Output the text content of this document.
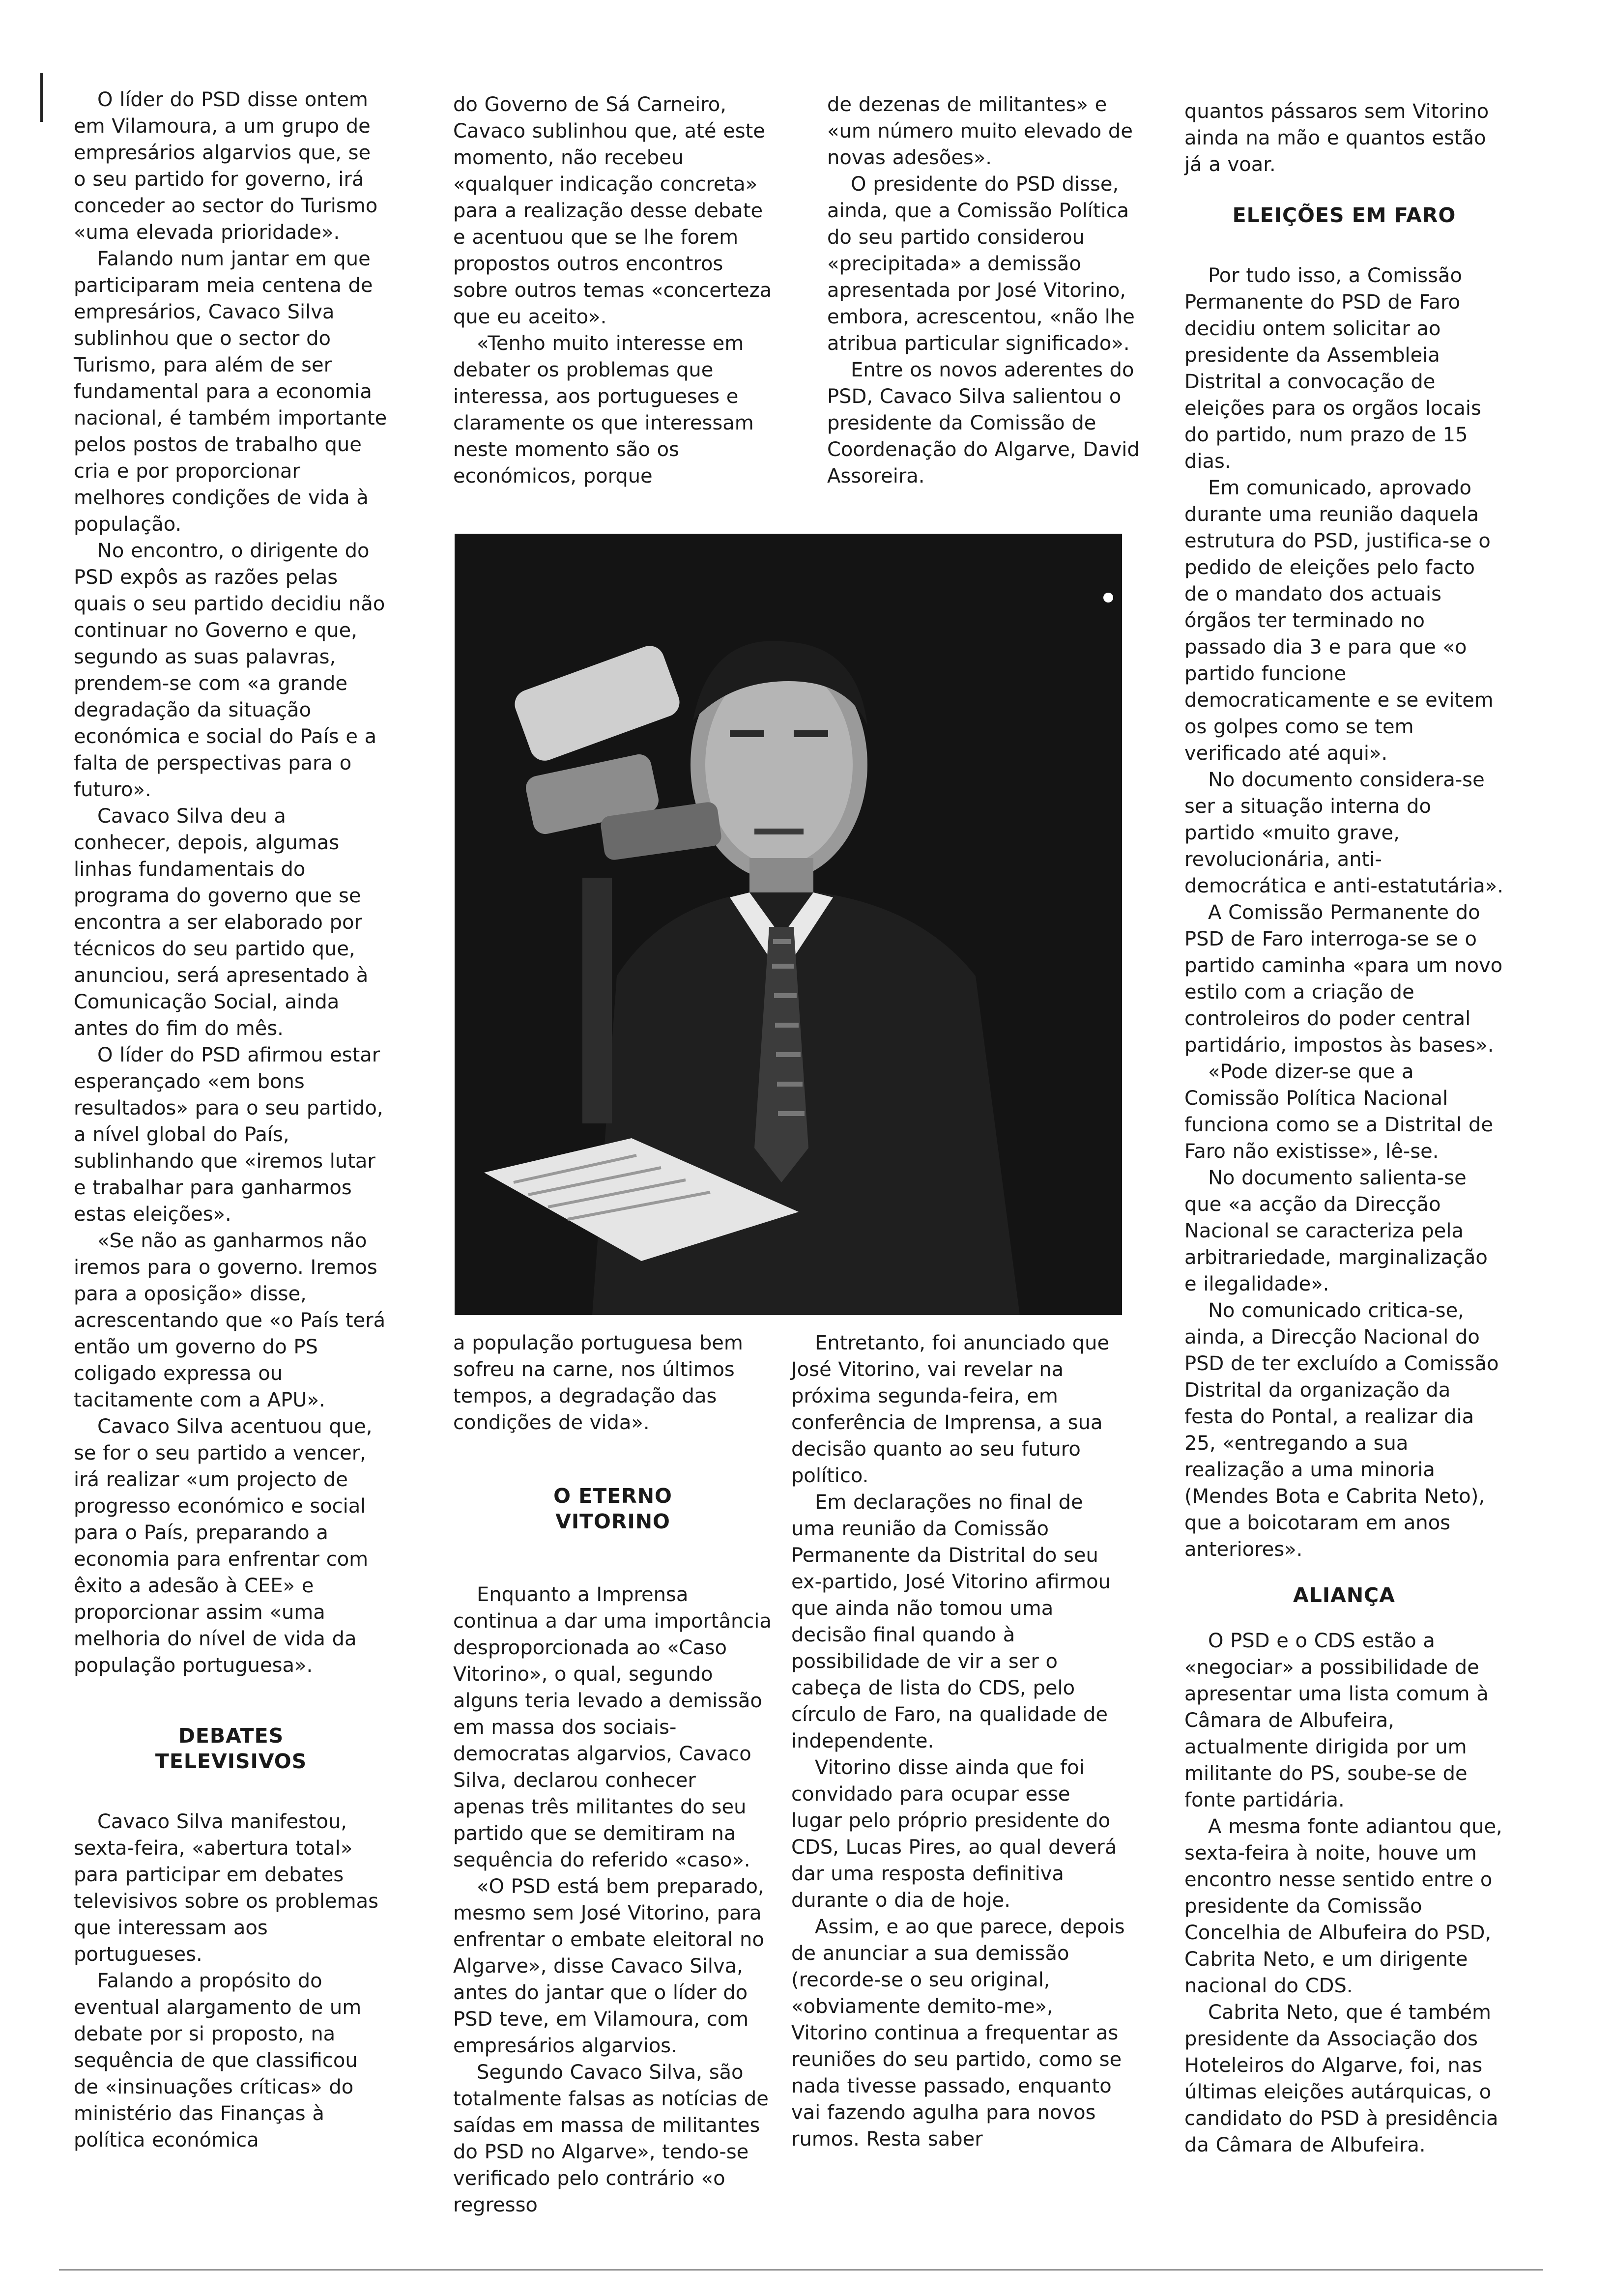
O líder do PSD disse ontem em Vilamoura, a um grupo de empresários algarvios que, se o seu partido for governo, irá conceder ao sector do Turismo «uma elevada prioridade».

Falando num jantar em que participaram meia centena de empresários, Cavaco Silva sublinhou que o sector do Turismo, para além de ser fundamental para a economia nacional, é também importante pelos postos de trabalho que cria e por proporcionar melhores condições de vida à população.

No encontro, o dirigente do PSD expôs as razões pelas quais o seu partido decidiu não continuar no Governo e que, segundo as suas palavras, prendem-se com «a grande degradação da situação económica e social do País e a falta de perspectivas para o futuro».

Cavaco Silva deu a conhecer, depois, algumas linhas fundamentais do programa do governo que se encontra a ser elaborado por técnicos do seu partido que, anunciou, será apresentado à Comunicação Social, ainda antes do fim do mês.

O líder do PSD afirmou estar esperançado «em bons resultados» para o seu partido, a nível global do País, sublinhando que «iremos lutar e trabalhar para ganharmos estas eleições».

«Se não as ganharmos não iremos para o governo. Iremos para a oposição» disse, acrescentando que «o País terá então um governo do PS coligado expressa ou tacitamente com a APU».

Cavaco Silva acentuou que, se for o seu partido a vencer, irá realizar «um projecto de progresso económico e social para o País, preparando a economia para enfrentar com êxito a adesão à CEE» e proporcionar assim «uma melhoria do nível de vida da população portuguesa».

DEBATES TELEVISIVOS

Cavaco Silva manifestou, sexta-feira, «abertura total» para participar em debates televisivos sobre os problemas que interessam aos portugueses.

Falando a propósito do eventual alargamento de um debate por si proposto, na sequência de que classificou de «insinuações críticas» do ministério das Finanças à política económica

do Governo de Sá Carneiro, Cavaco sublinhou que, até este momento, não recebeu «qualquer indicação concreta» para a realização desse debate e acentuou que se lhe forem propostos outros encontros sobre outros temas «concerteza que eu aceito».

«Tenho muito interesse em debater os problemas que interessa, aos portugueses e claramente os que interessam neste momento são os económicos, porque

de dezenas de militantes» e «um número muito elevado de novas adesões».

O presidente do PSD disse, ainda, que a Comissão Política do seu partido considerou «precipitada» a demissão apresentada por José Vitorino, embora, acrescentou, «não lhe atribua particular significado».

Entre os novos aderentes do PSD, Cavaco Silva salientou o presidente da Comissão de Coordenação do Algarve, David Assoreira.

a população portuguesa bem sofreu na carne, nos últimos tempos, a degradação das condições de vida».

O ETERNO VITORINO

Enquanto a Imprensa continua a dar uma importância desproporcionada ao «Caso Vitorino», o qual, segundo alguns teria levado a demissão em massa dos sociais-democratas algarvios, Cavaco Silva, declarou conhecer apenas três militantes do seu partido que se demitiram na sequência do referido «caso».

«O PSD está bem preparado, mesmo sem José Vitorino, para enfrentar o embate eleitoral no Algarve», disse Cavaco Silva, antes do jantar que o líder do PSD teve, em Vilamoura, com empresários algarvios.

Segundo Cavaco Silva, são totalmente falsas as notícias de saídas em massa de militantes do PSD no Algarve», tendo-se verificado pelo contrário «o regresso

Entretanto, foi anunciado que José Vitorino, vai revelar na próxima segunda-feira, em conferência de Imprensa, a sua decisão quanto ao seu futuro político.

Em declarações no final de uma reunião da Comissão Permanente da Distrital do seu ex-partido, José Vitorino afirmou que ainda não tomou uma decisão final quando à possibilidade de vir a ser o cabeça de lista do CDS, pelo círculo de Faro, na qualidade de independente.

Vitorino disse ainda que foi convidado para ocupar esse lugar pelo próprio presidente do CDS, Lucas Pires, ao qual deverá dar uma resposta definitiva durante o dia de hoje.

Assim, e ao que parece, depois de anunciar a sua demissão (recorde-se o seu original, «obviamente demito-me», Vitorino continua a frequentar as reuniões do seu partido, como se nada tivesse passado, enquanto vai fazendo agulha para novos rumos. Resta saber

quantos pássaros sem Vitorino ainda na mão e quantos estão já a voar.

ELEIÇÕES EM FARO

Por tudo isso, a Comissão Permanente do PSD de Faro decidiu ontem solicitar ao presidente da Assembleia Distrital a convocação de eleições para os orgãos locais do partido, num prazo de 15 dias.

Em comunicado, aprovado durante uma reunião daquela estrutura do PSD, justifica-se o pedido de eleições pelo facto de o mandato dos actuais órgãos ter terminado no passado dia 3 e para que «o partido funcione democraticamente e se evitem os golpes como se tem verificado até aqui».

No documento considera-se ser a situação interna do partido «muito grave, revolucionária, anti-democrática e anti-estatutária».

A Comissão Permanente do PSD de Faro interroga-se se o partido caminha «para um novo estilo com a criação de controleiros do poder central partidário, impostos às bases».

«Pode dizer-se que a Comissão Política Nacional funciona como se a Distrital de Faro não existisse», lê-se.

No documento salienta-se que «a acção da Direcção Nacional se caracteriza pela arbitrariedade, marginalização e ilegalidade».

No comunicado critica-se, ainda, a Direcção Nacional do PSD de ter excluído a Comissão Distrital da organização da festa do Pontal, a realizar dia 25, «entregando a sua realização a uma minoria (Mendes Bota e Cabrita Neto), que a boicotaram em anos anteriores».

ALIANÇA

O PSD e o CDS estão a «negociar» a possibilidade de apresentar uma lista comum à Câmara de Albufeira, actualmente dirigida por um militante do PS, soube-se de fonte partidária.

A mesma fonte adiantou que, sexta-feira à noite, houve um encontro nesse sentido entre o presidente da Comissão Concelhia de Albufeira do PSD, Cabrita Neto, e um dirigente nacional do CDS.

Cabrita Neto, que é também presidente da Associação dos Hoteleiros do Algarve, foi, nas últimas eleições autárquicas, o candidato do PSD à presidência da Câmara de Albufeira.
